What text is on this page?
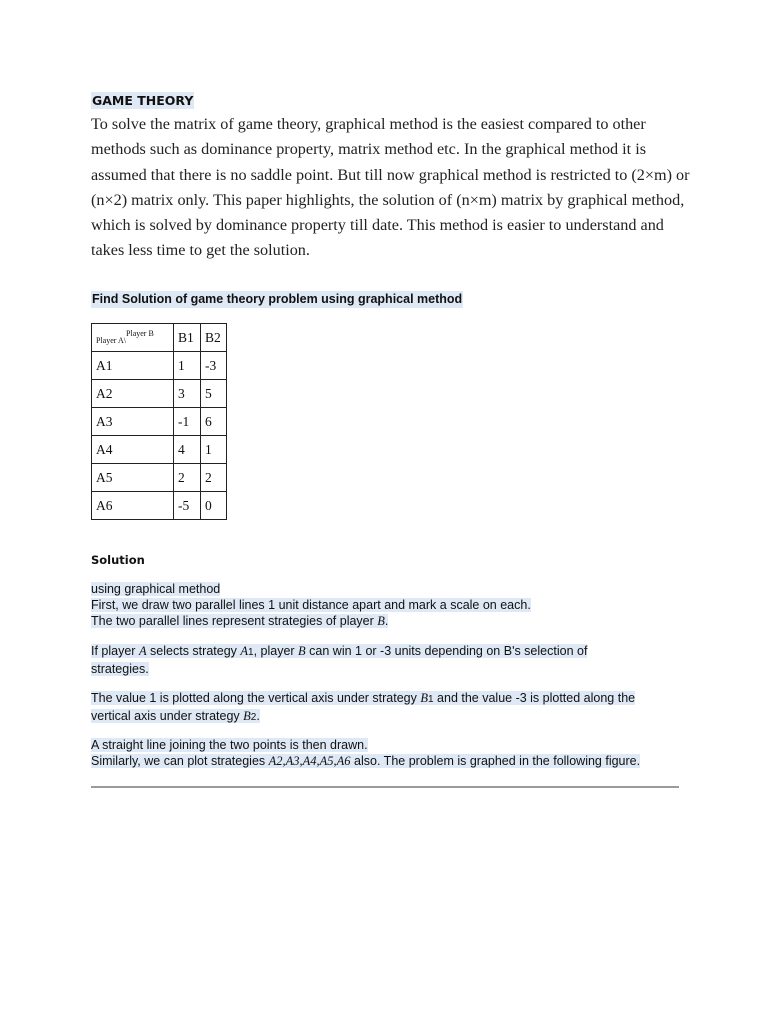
GAME THEORY

To solve the matrix of game theory, graphical method is the easiest compared to other methods such as dominance property, matrix method etc. In the graphical method it is assumed that there is no saddle point. But till now graphical method is restricted to (2×m) or (n×2) matrix only. This paper highlights, the solution of (n×m) matrix by graphical method, which is solved by dominance property till date. This method is easier to understand and takes less time to get the solution.

Find Solution of game theory problem using graphical method
Player A\$^{Player B}$	B1	B2
A1	1	-3
A2	3	5
A3	-1	6
A4	4	1
A5	2	2
A6	-5	0
Solution
using graphical method
First, we draw two parallel lines 1 unit distance apart and mark a scale on each.
The two parallel lines represent strategies of player B.
If player A selects strategy A1, player B can win 1 or -3 units depending on B's selection of
strategies.
The value 1 is plotted along the vertical axis under strategy B1 and the value -3 is plotted along the
vertical axis under strategy B2.
A straight line joining the two points is then drawn.
Similarly, we can plot strategies A2,A3,A4,A5,A6 also. The problem is graphed in the following figure.
